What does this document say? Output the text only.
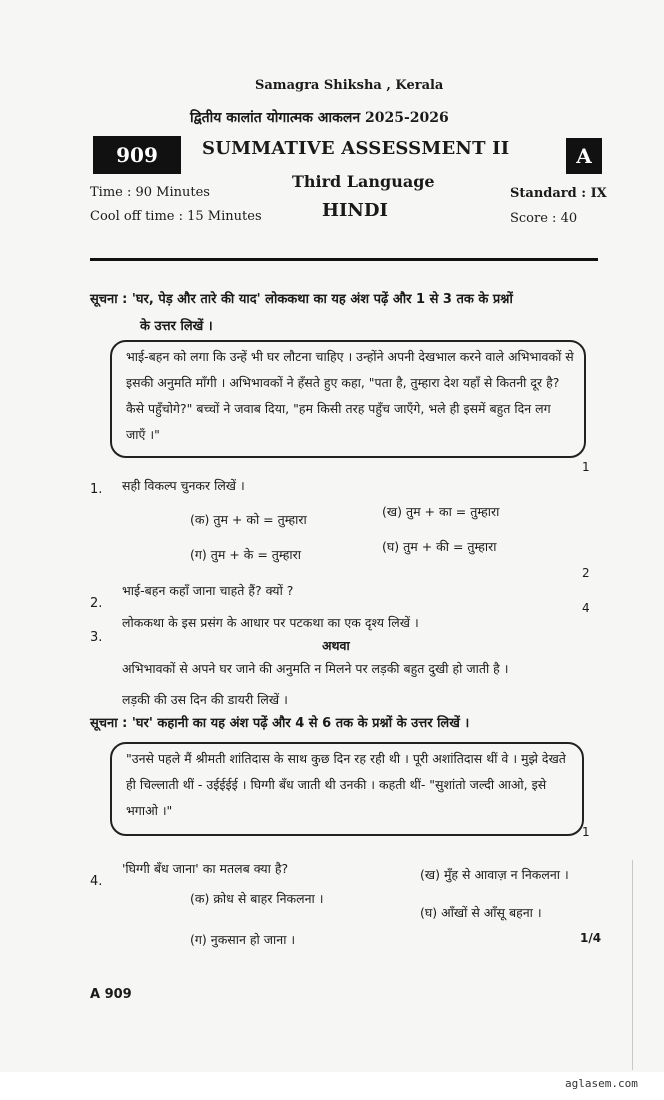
Samagra Shiksha , Kerala
द्वितीय कालांत योगात्मक आकलन 2025-2026
909	SUMMATIVE ASSESSMENT II	A
Third Language
HINDI
Time : 90 Minutes
Cool off time : 15 Minutes
Standard : IX
Score : 40
सूचना : 'घर, पेड़ और तारे की याद' लोककथा का यह अंश पढ़ें और 1 से 3 तक के प्रश्नों
के उत्तर लिखें ।
भाई-बहन को लगा कि उन्हें भी घर लौटना चाहिए । उन्होंने अपनी देखभाल करने वाले अभिभावकों से इसकी अनुमति माँगी । अभिभावकों ने हँसते हुए कहा, "पता है, तुम्हारा देश यहाँ से कितनी दूर है? कैसे पहुँचोगे?" बच्चों ने जवाब दिया, "हम किसी तरह पहुँच जाएँगे, भले ही इसमें बहुत दिन लग जाएँ ।"
1
1. सही विकल्प चुनकर लिखें ।
(क) तुम + को = तुम्हारा
(ख) तुम + का = तुम्हारा
(ग) तुम + के = तुम्हारा
(घ) तुम + की = तुम्हारा
2
2.
भाई-बहन कहाँ जाना चाहते हैं? क्यों ?
4
3.
लोककथा के इस प्रसंग के आधार पर पटकथा का एक दृश्य लिखें ।
अथवा
अभिभावकों से अपने घर जाने की अनुमति न मिलने पर लड़की बहुत दुखी हो जाती है ।
लड़की की उस दिन की डायरी लिखें ।
सूचना : 'घर' कहानी का यह अंश पढ़ें और 4 से 6 तक के प्रश्नों के उत्तर लिखें ।
"उनसे पहले मैं श्रीमती शांतिदास के साथ कुछ दिन रह रही थी । पूरी अशांतिदास थीं वे । मुझे देखते ही चिल्लाती थीं - उईईईई । घिग्गी बँध जाती थी उनकी । कहती थीं- "सुशांतो जल्दी आओ, इसे भगाओ ।"
1
4.
'घिग्गी बँध जाना' का मतलब क्या है?
(क) क्रोध से बाहर निकलना ।
(ख) मुँह से आवाज़ न निकलना ।
(ग) नुकसान हो जाना ।
(घ) आँखों से आँसू बहना ।
1/4
A 909
aglasem.com
